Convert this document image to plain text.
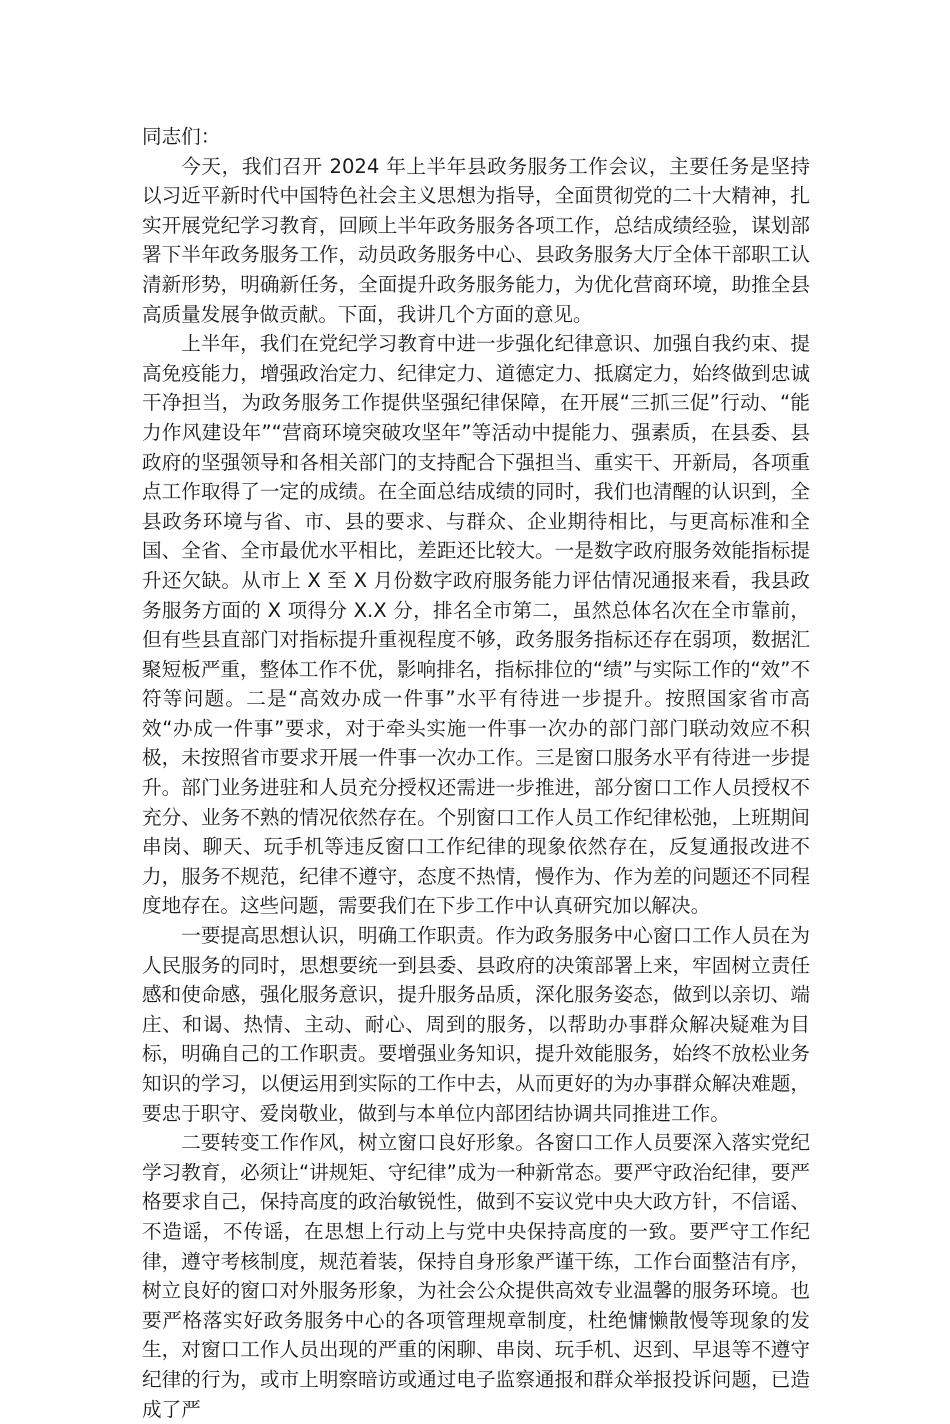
同志们：

今天，我们召开 2024 年上半年县政务服务工作会议，主要任务是坚持以习近平新时代中国特色社会主义思想为指导，全面贯彻党的二十大精神，扎实开展党纪学习教育，回顾上半年政务服务各项工作，总结成绩经验，谋划部署下半年政务服务工作，动员政务服务中心、县政务服务大厅全体干部职工认清新形势，明确新任务，全面提升政务服务能力，为优化营商环境，助推全县高质量发展争做贡献。下面，我讲几个方面的意见。

上半年，我们在党纪学习教育中进一步强化纪律意识、加强自我约束、提高免疫能力，增强政治定力、纪律定力、道德定力、抵腐定力，始终做到忠诚干净担当，为政务服务工作提供坚强纪律保障，在开展“三抓三促”行动、“能力作风建设年”“营商环境突破攻坚年”等活动中提能力、强素质，在县委、县政府的坚强领导和各相关部门的支持配合下强担当、重实干、开新局，各项重点工作取得了一定的成绩。在全面总结成绩的同时，我们也清醒的认识到，全县政务环境与省、市、县的要求、与群众、企业期待相比，与更高标准和全国、全省、全市最优水平相比，差距还比较大。一是数字政府服务效能指标提升还欠缺。从市上 X 至 X 月份数字政府服务能力评估情况通报来看，我县政务服务方面的 X 项得分 X.X 分，排名全市第二，虽然总体名次在全市靠前，但有些县直部门对指标提升重视程度不够，政务服务指标还存在弱项，数据汇聚短板严重，整体工作不优，影响排名，指标排位的“绩”与实际工作的“效”不符等问题。二是“高效办成一件事”水平有待进一步提升。按照国家省市高效“办成一件事”要求，对于牵头实施一件事一次办的部门部门联动效应不积极，未按照省市要求开展一件事一次办工作。三是窗口服务水平有待进一步提升。部门业务进驻和人员充分授权还需进一步推进，部分窗口工作人员授权不充分、业务不熟的情况依然存在。个别窗口工作人员工作纪律松弛，上班期间串岗、聊天、玩手机等违反窗口工作纪律的现象依然存在，反复通报改进不力，服务不规范，纪律不遵守，态度不热情，慢作为、作为差的问题还不同程度地存在。这些问题，需要我们在下步工作中认真研究加以解决。

一要提高思想认识，明确工作职责。作为政务服务中心窗口工作人员在为人民服务的同时，思想要统一到县委、县政府的决策部署上来，牢固树立责任感和使命感，强化服务意识，提升服务品质，深化服务姿态，做到以亲切、端庄、和谒、热情、主动、耐心、周到的服务，以帮助办事群众解决疑难为目标，明确自己的工作职责。要增强业务知识，提升效能服务，始终不放松业务知识的学习，以便运用到实际的工作中去，从而更好的为办事群众解决难题，要忠于职守、爱岗敬业，做到与本单位内部团结协调共同推进工作。

二要转变工作作风，树立窗口良好形象。各窗口工作人员要深入落实党纪学习教育，必须让“讲规矩、守纪律”成为一种新常态。要严守政治纪律，要严格要求自己，保持高度的政治敏锐性，做到不妄议党中央大政方针，不信谣、不造谣，不传谣，在思想上行动上与党中央保持高度的一致。要严守工作纪律，遵守考核制度，规范着装，保持自身形象严谨干练，工作台面整洁有序，树立良好的窗口对外服务形象，为社会公众提供高效专业温馨的服务环境。也要严格落实好政务服务中心的各项管理规章制度，杜绝慵懒散慢等现象的发生，对窗口工作人员出现的严重的闲聊、串岗、玩手机、迟到、早退等不遵守纪律的行为，或市上明察暗访或通过电子监察通报和群众举报投诉问题，已造成了严
